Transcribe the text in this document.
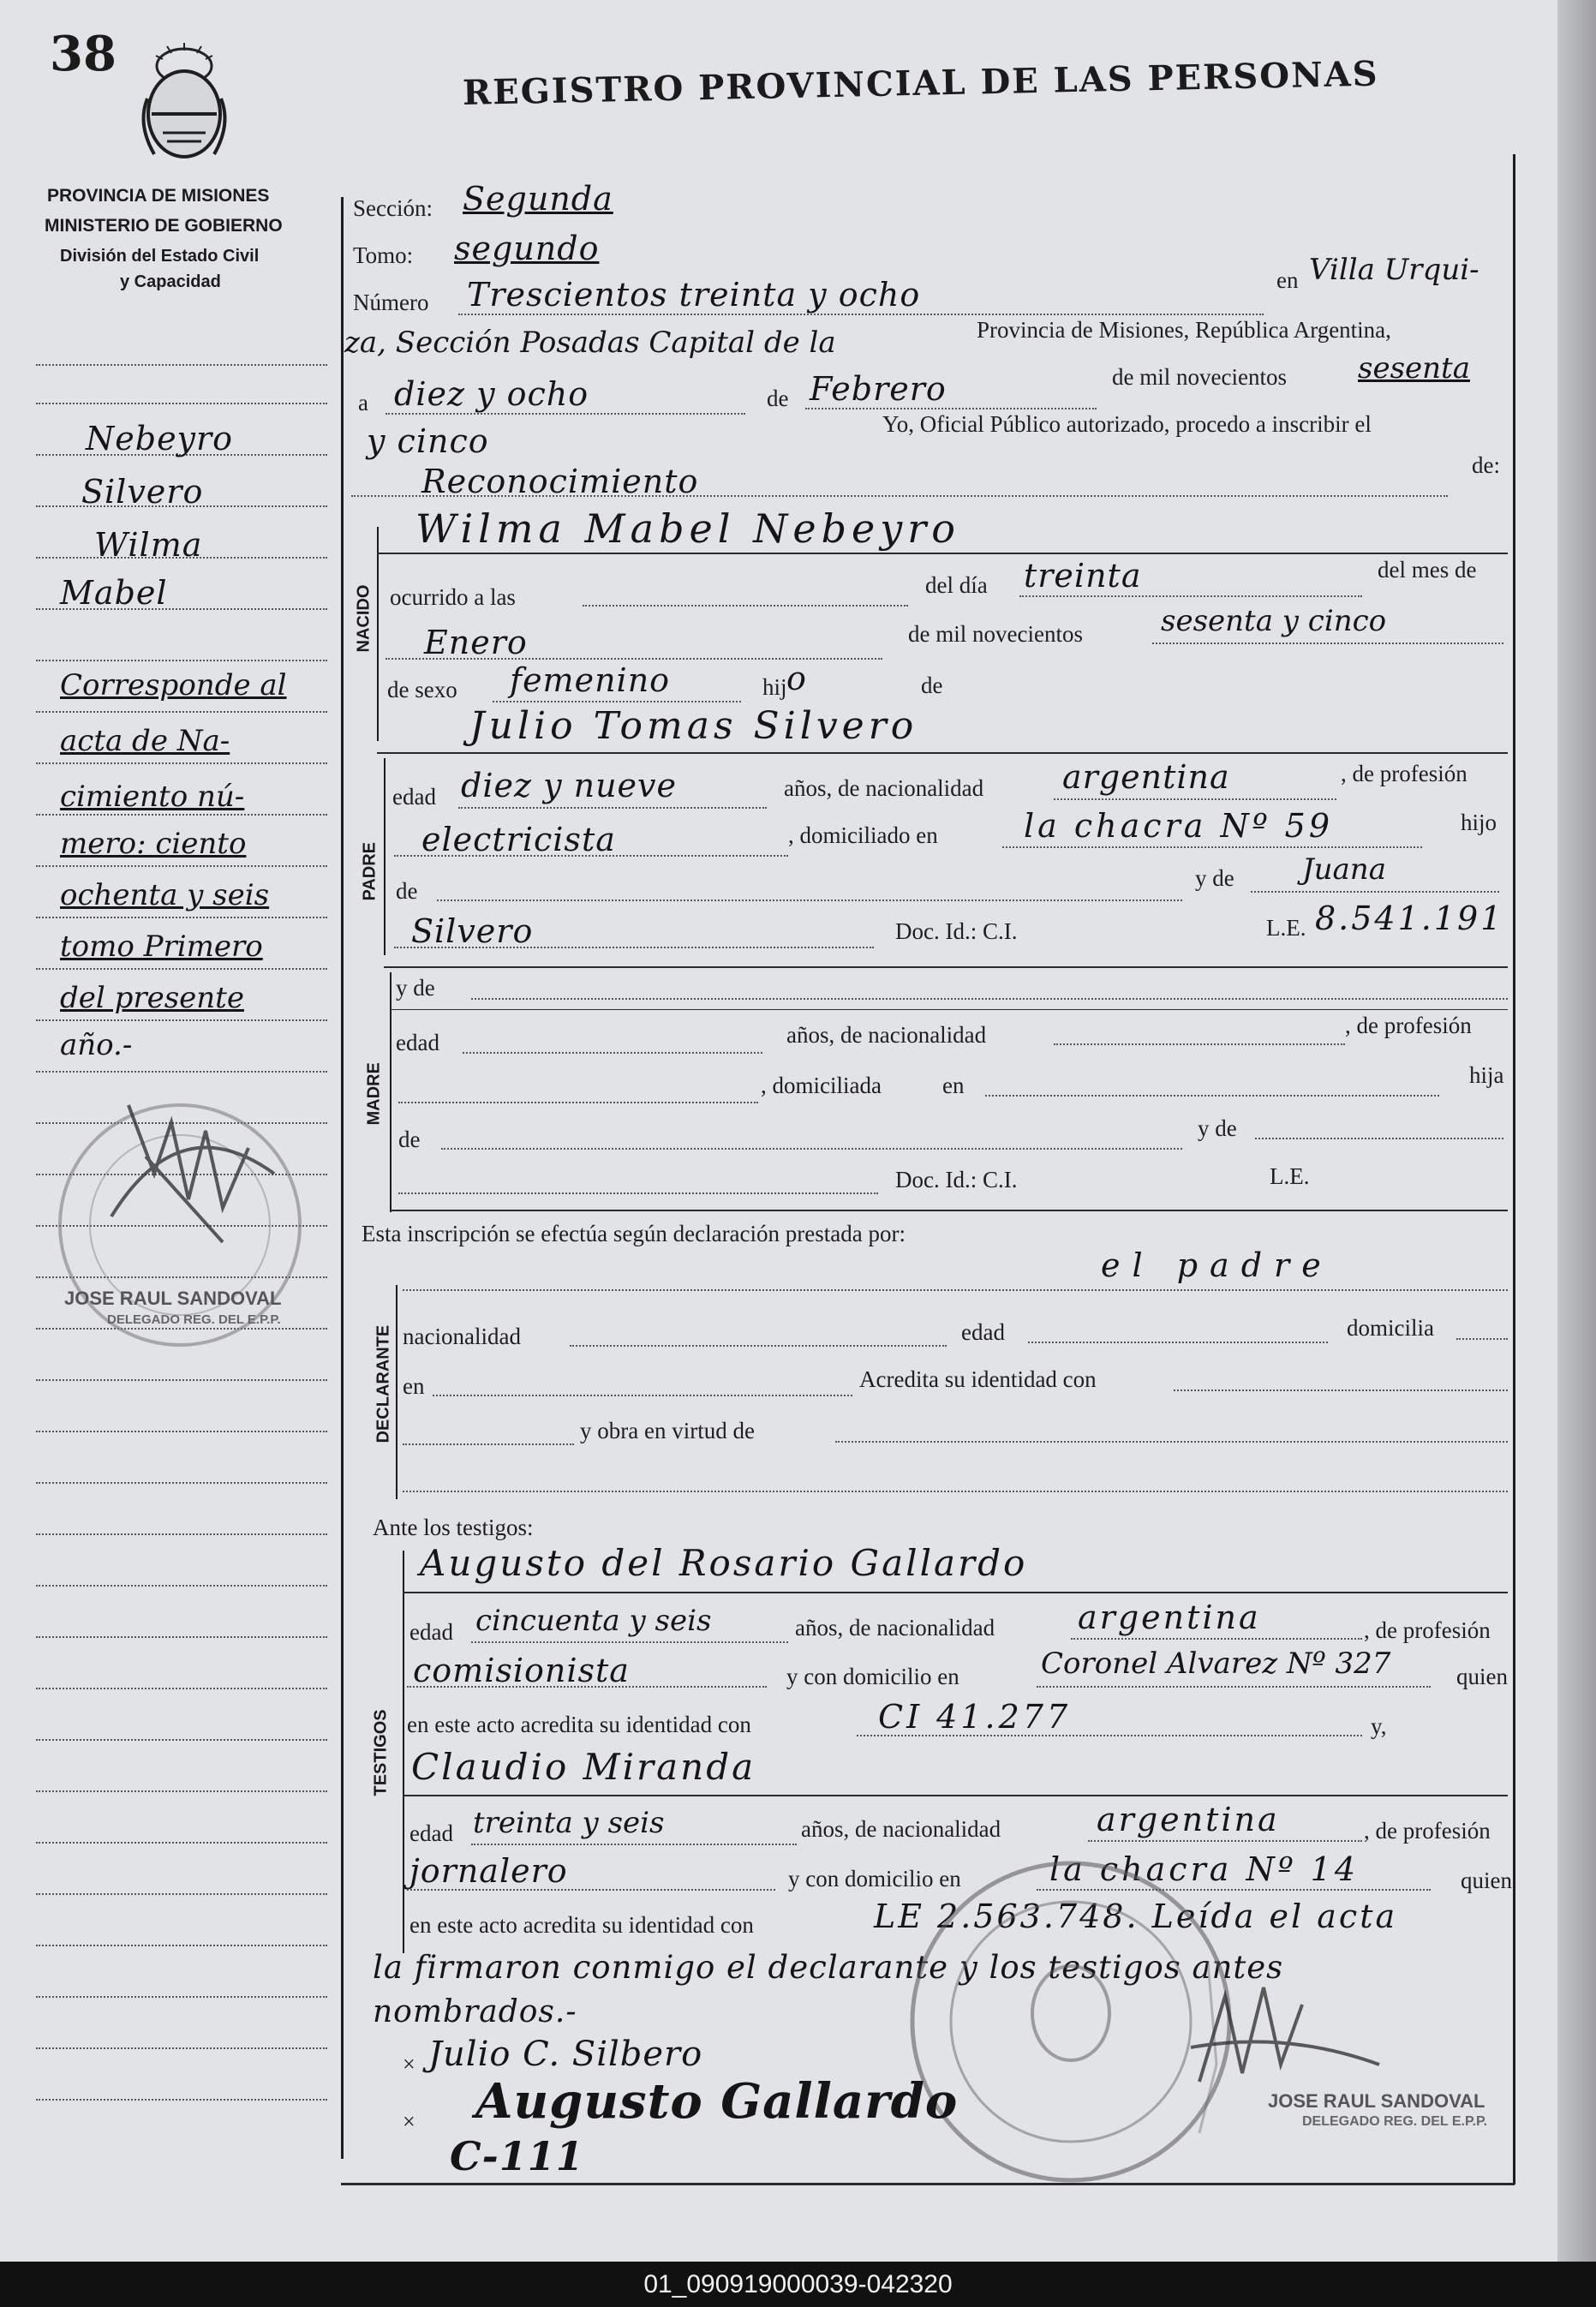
38	REGISTRO PROVINCIAL DE LAS PERSONAS
PROVINCIA DE MISIONES
MINISTERIO DE GOBIERNO
División del Estado Civil
y Capacidad
Nebeyro
Silvero
Wilma
Mabel
Corresponde al
acta de Na-
cimiento nú-
mero: ciento
ochenta y seis
tomo Primero
del presente
año.-
JOSE RAUL SANDOVAL
DELEGADO REG. DEL E.P.P.
Sección: Segunda
Tomo: segundo
Número Trescientos treinta y ocho	en Villa Urqui-
za, Sección Posadas Capital de la	Provincia de Misiones, República Argentina,
a diez y ocho	de Febrero	de mil novecientos sesenta
y cinco	Yo, Oficial Público autorizado, procedo a inscribir el
Reconocimiento	de:
Wilma Mabel Nebeyro
NACIDO ocurrido a las	del día treinta	del mes de
Enero	de mil novecientos	sesenta y cinco
de sexo femenino	hij o	de
Julio Tomas Silvero
PADRE
edad diez y nueve	años, de nacionalidad argentina	, de profesión
electricista	, domiciliado en	la chacra Nº 59	hijo
de	y de Juana
Silvero	Doc. Id.: C.I.	L.E. 8.541.191
MADRE
y de
edad	años, de nacionalidad	, de profesión
, domiciliada	en	hija
de	y de
Doc. Id.: C.I.	L.E.
Esta inscripción se efectúa según declaración prestada por:
el padre
DECLARANTE nacionalidad	edad	domicilia
en	Acredita su identidad con
y obra en virtud de
Ante los testigos:
Augusto del Rosario Gallardo
TESTIGOS
edad cincuenta y seis	años, de nacionalidad	argentina	, de profesión
comisionista	y con domicilio en	Coronel Alvarez Nº 327	quien
en este acto acredita su identidad con	CI 41.277	y,
Claudio Miranda
edad treinta y seis	años, de nacionalidad	argentina	, de profesión
jornalero	y con domicilio en	la chacra Nº 14	quien
en este acto acredita su identidad con	LE 2.563.748. Leída el acta
la firmaron conmigo el declarante y los testigos antes
nombrados.-
JOSE RAUL SANDOVAL
DELEGADO REG. DEL E.P.P.
× Julio C. Silbero
Augusto Gallardo
×
C-111
01_090919000039-042320
